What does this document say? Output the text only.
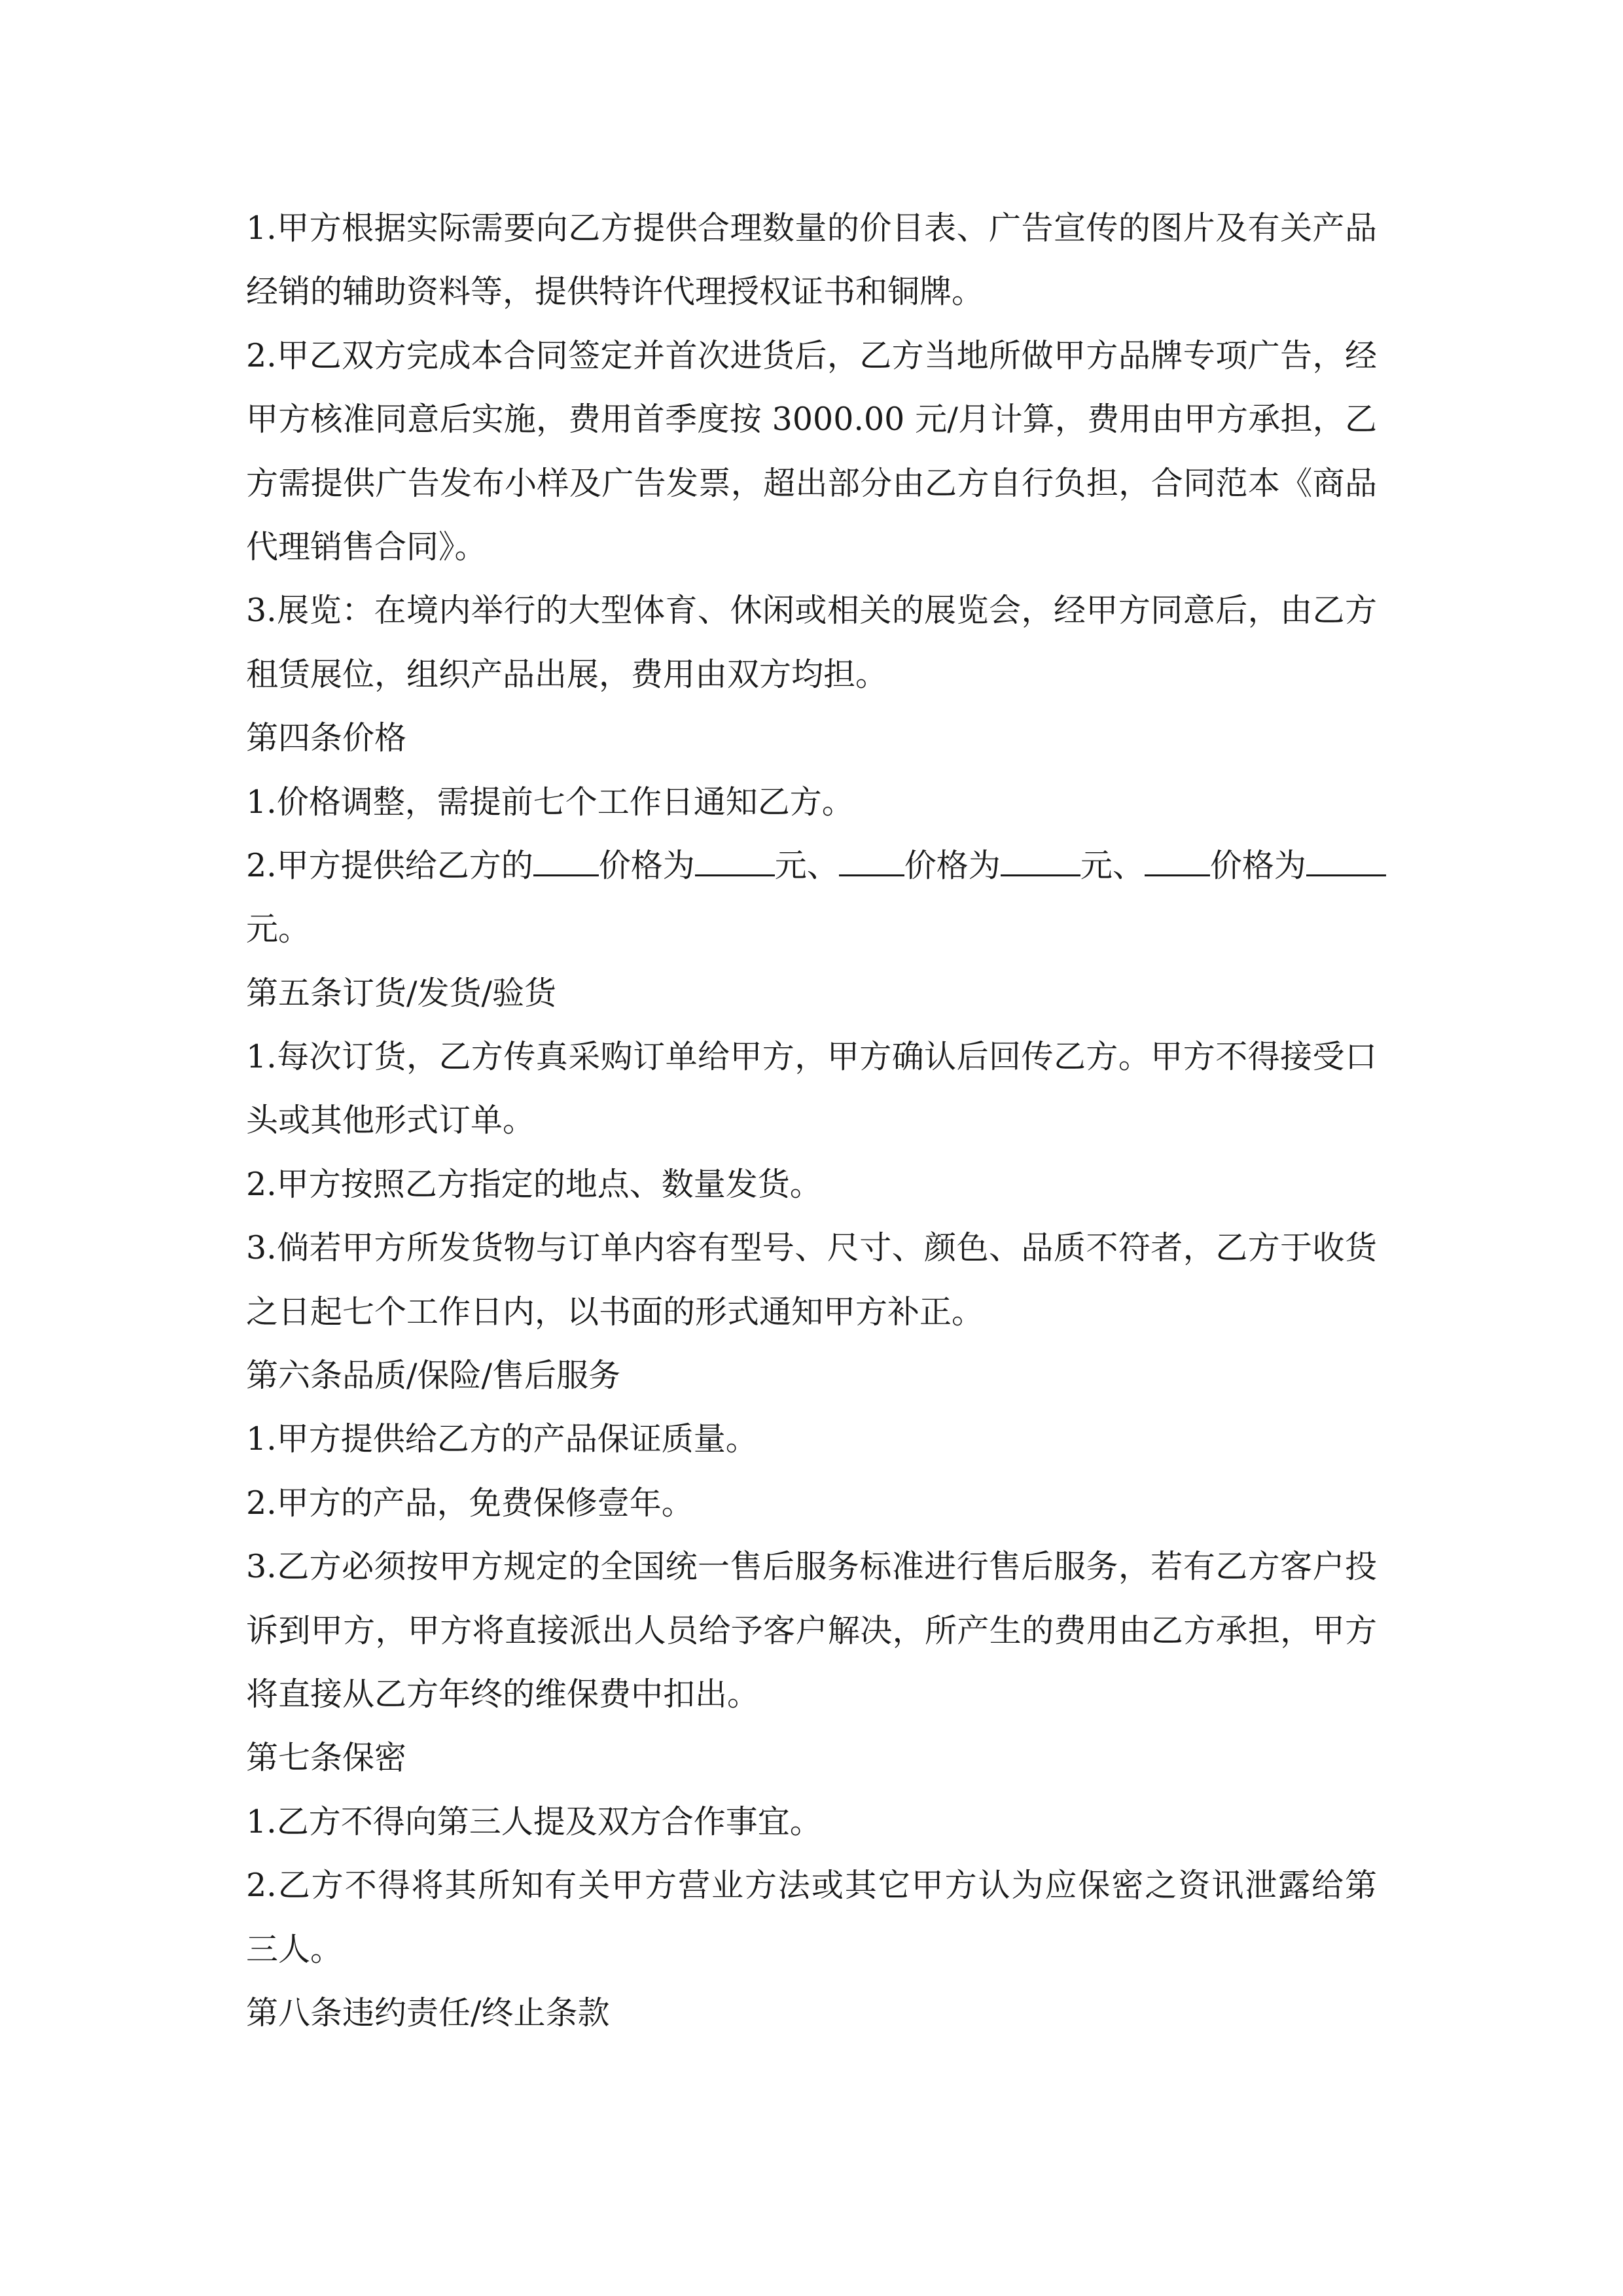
1.甲方根据实际需要向乙方提供合理数量的价目表、广告宣传的图片及有关产品
经销的辅助资料等，提供特许代理授权证书和铜牌。
2.甲乙双方完成本合同签定并首次进货后，乙方当地所做甲方品牌专项广告，经
甲方核准同意后实施，费用首季度按 3000.00 元/月计算，费用由甲方承担，乙
方需提供广告发布小样及广告发票，超出部分由乙方自行负担，合同范本《商品
代理销售合同》。
3.展览：在境内举行的大型体育、休闲或相关的展览会，经甲方同意后，由乙方
租赁展位，组织产品出展，费用由双方均担。
第四条价格
1.价格调整，需提前七个工作日通知乙方。
2.甲方提供给乙方的 价格为 元、 价格为 元、 价格为
元。
第五条订货/发货/验货
1.每次订货，乙方传真采购订单给甲方，甲方确认后回传乙方。甲方不得接受口
头或其他形式订单。
2.甲方按照乙方指定的地点、数量发货。
3.倘若甲方所发货物与订单内容有型号、尺寸、颜色、品质不符者，乙方于收货
之日起七个工作日内，以书面的形式通知甲方补正。
第六条品质/保险/售后服务
1.甲方提供给乙方的产品保证质量。
2.甲方的产品，免费保修壹年。
3.乙方必须按甲方规定的全国统一售后服务标准进行售后服务，若有乙方客户投
诉到甲方，甲方将直接派出人员给予客户解决，所产生的费用由乙方承担，甲方
将直接从乙方年终的维保费中扣出。
第七条保密
1.乙方不得向第三人提及双方合作事宜。
2.乙方不得将其所知有关甲方营业方法或其它甲方认为应保密之资讯泄露给第
三人。
第八条违约责任/终止条款
